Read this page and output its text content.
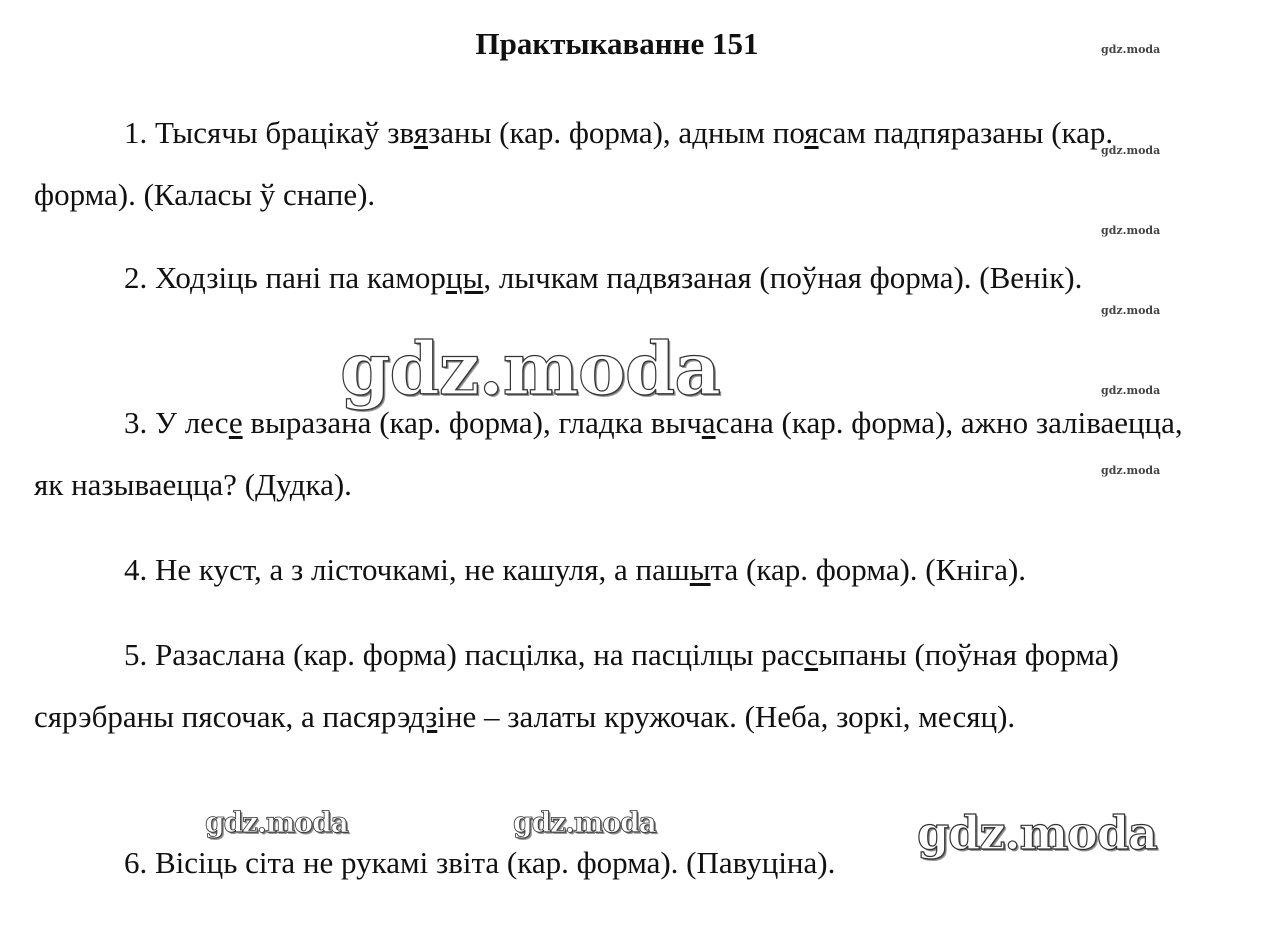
Практыкаванне 151

1. Тысячы брацікаў звязаны (кар. форма), адным поясам падпяразаны (кар. форма). (Каласы ў снапе).

2. Ходзіць пані па каморцы, лычкам падвязаная (поўная форма). (Венік).

3. У лесе выразана (кар. форма), гладка вычасана (кар. форма), ажно заліваецца, як называецца? (Дудка).

4. Не куст, а з лісточкамі, не кашуля, а пашыта (кар. форма). (Кніга).

5. Разаслана (кар. форма) пасцілка, на пасцілцы рассыпаны (поўная форма) сярэбраны пясочак, а пасярэдзіне – залаты кружочак. (Неба, зоркі, месяц).

6. Вісіць сіта не рукамі звіта (кар. форма). (Павуціна).

gdz.moda
gdz.moda
gdz.moda
gdz.moda
gdz.moda
gdz.moda
gdz.moda
gdz.moda	gdz.moda	gdz.moda
